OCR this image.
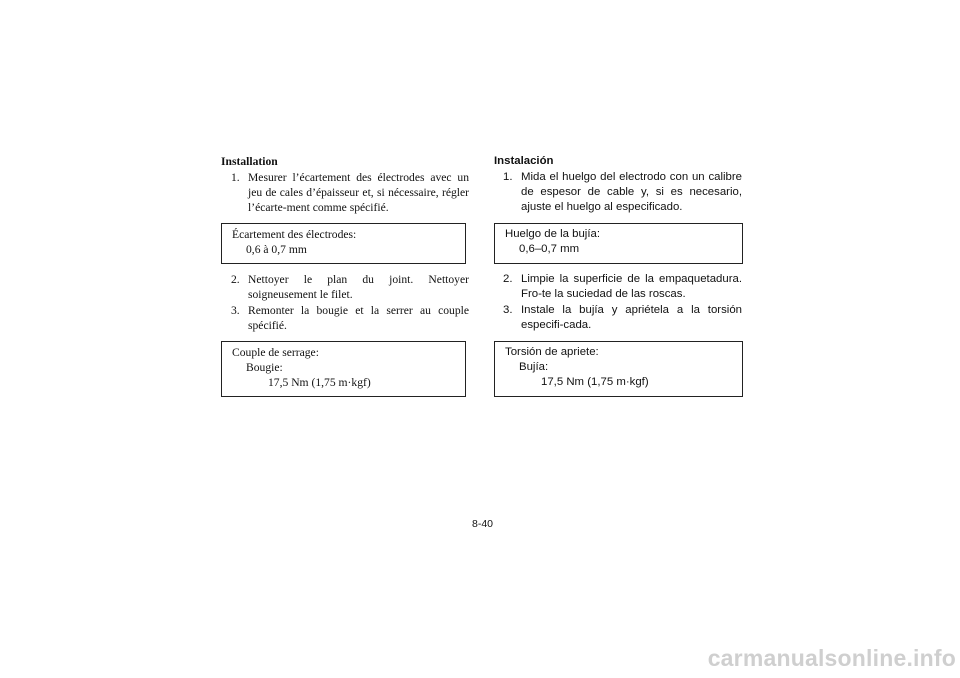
Installation

1. Mesurer l’écartement des électrodes avec un jeu de cales d’épaisseur et, si nécessaire, régler l’écarte-ment comme spécifié.

Écartement des électrodes:

0,6 à 0,7 mm

2. Nettoyer le plan du joint. Nettoyer soigneusement le filet.

3. Remonter la bougie et la serrer au couple spécifié.

Couple de serrage:

Bougie:

17,5 Nm (1,75 m·kgf)

Instalación

1. Mida el huelgo del electrodo con un calibre de espesor de cable y, si es necesario, ajuste el huelgo al especificado.

Huelgo de la bujía:

0,6–0,7 mm

2. Limpie la superficie de la empaquetadura. Fro-te la suciedad de las roscas.

3. Instale la bujía y apriétela a la torsión especifi-cada.

Torsión de apriete:

Bujía:

17,5 Nm (1,75 m·kgf)

8-40
carmanualsonline.info
